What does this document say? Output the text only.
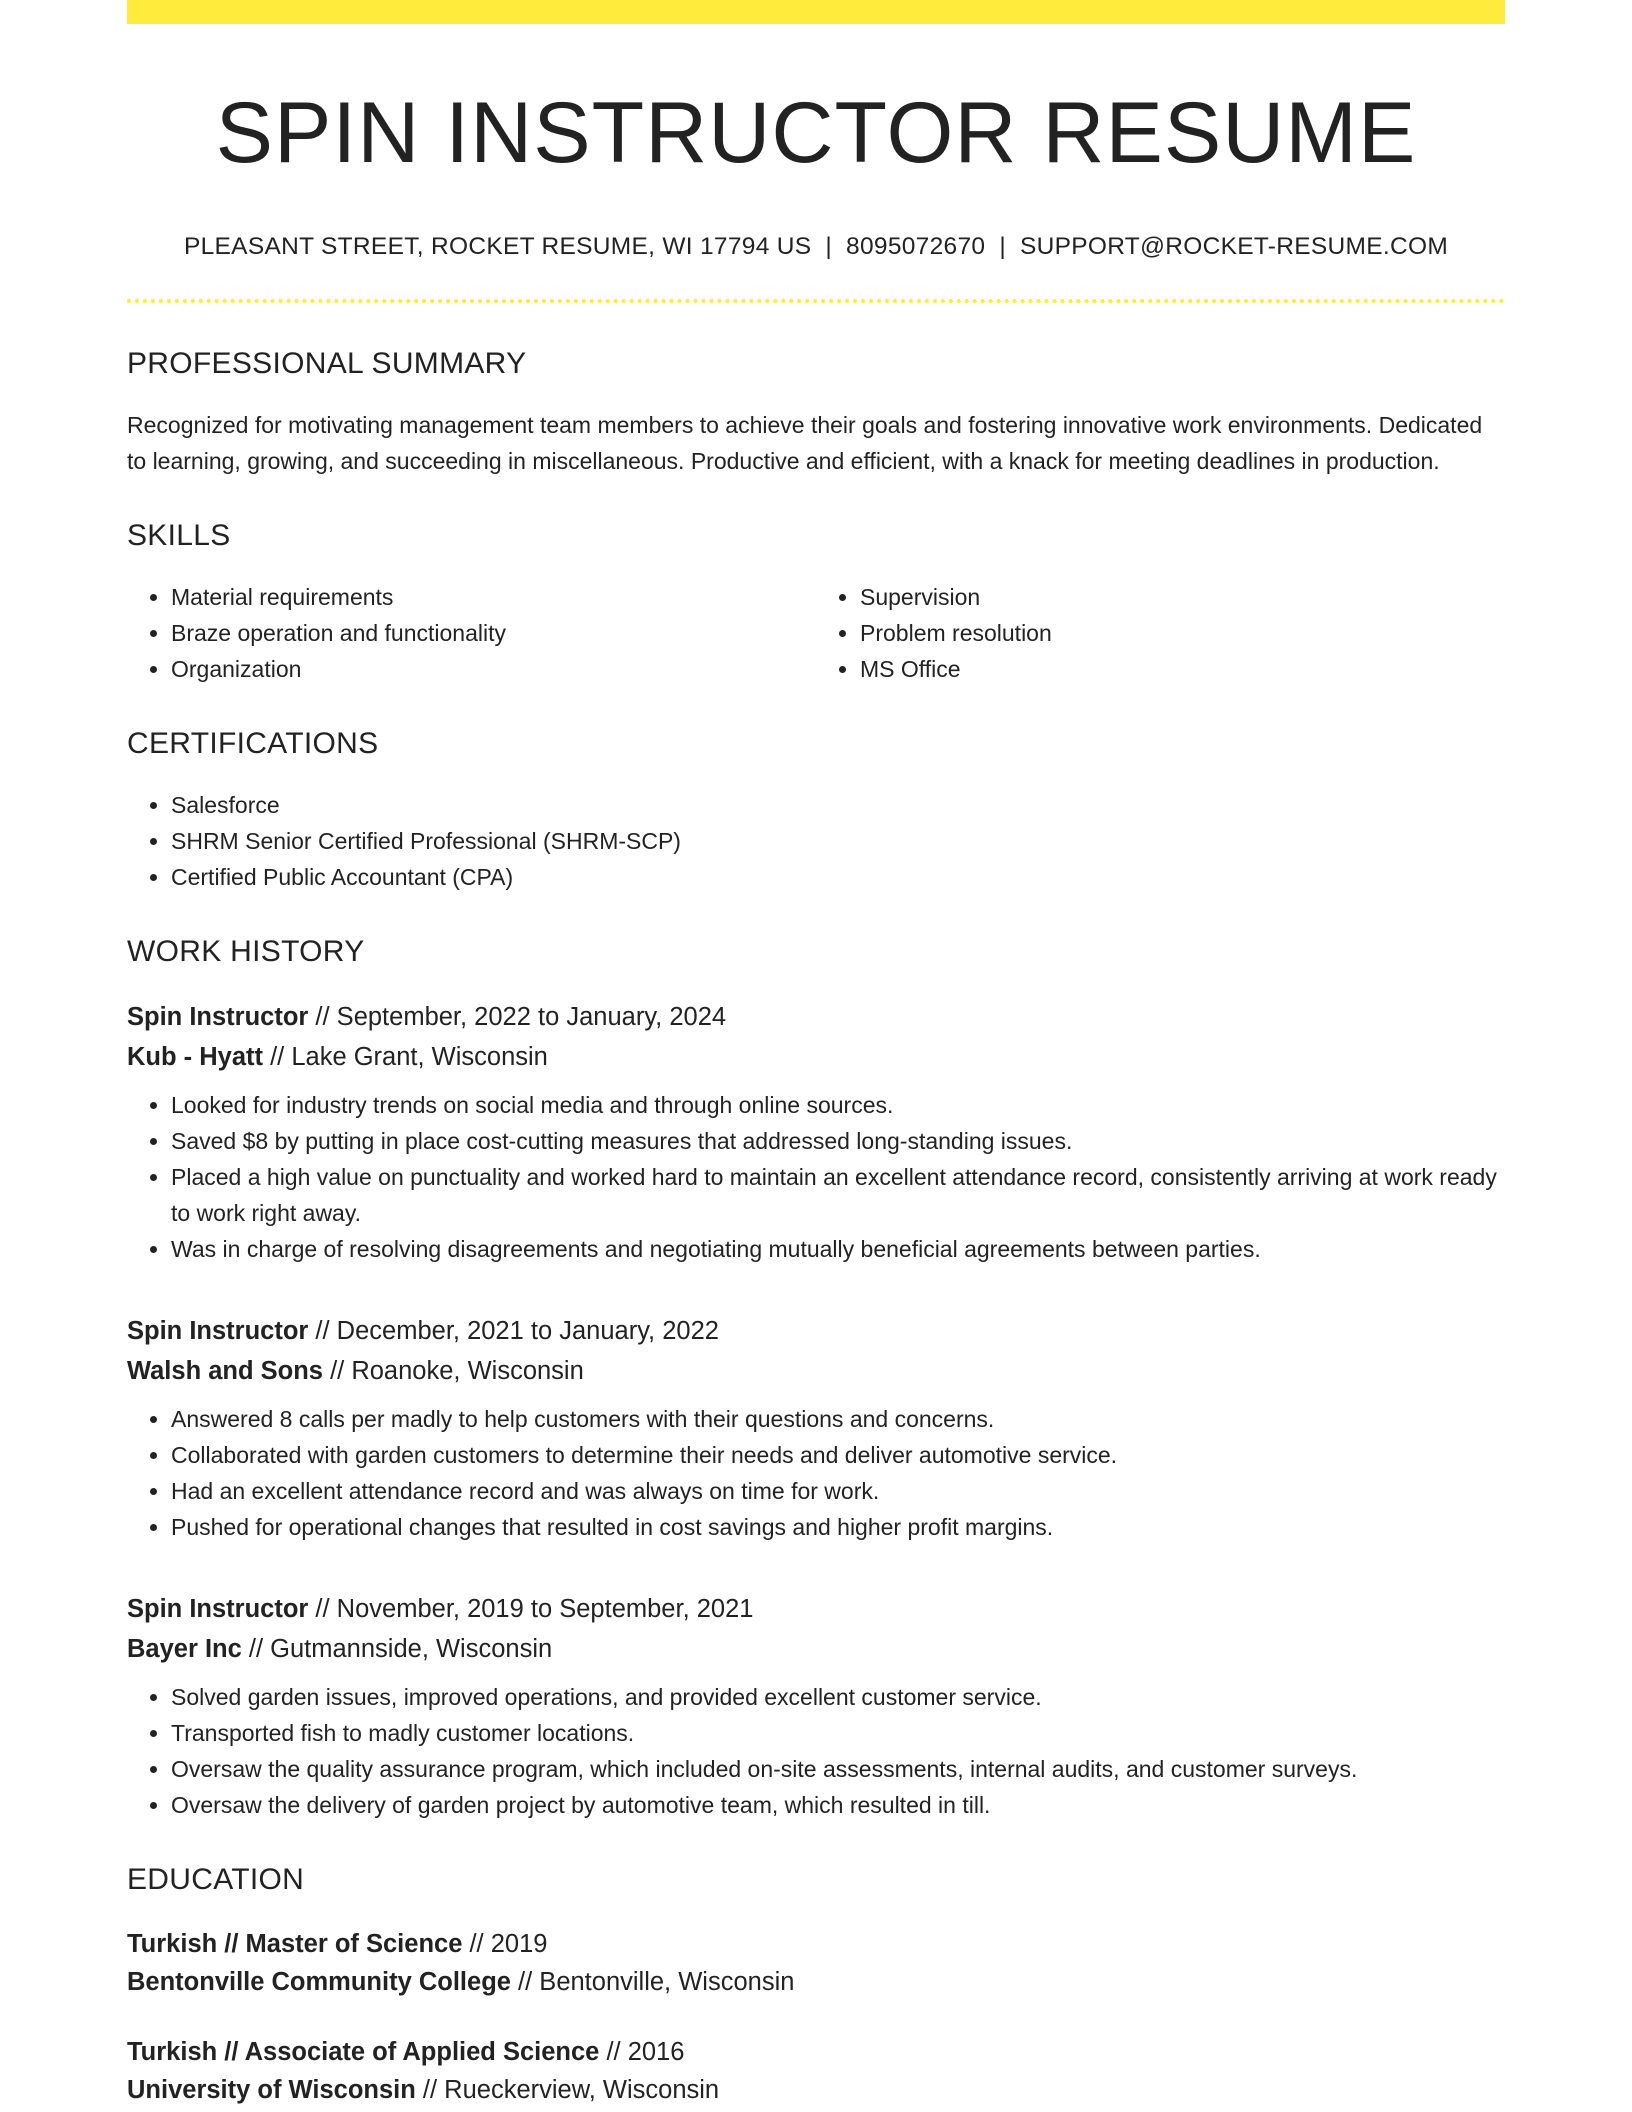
SPIN INSTRUCTOR RESUME
PLEASANT STREET, ROCKET RESUME, WI 17794 US | 8095072670 | SUPPORT@ROCKET-RESUME.COM
PROFESSIONAL SUMMARY

Recognized for motivating management team members to achieve their goals and fostering innovative work environments. Dedicated to learning, growing, and succeeding in miscellaneous. Productive and efficient, with a knack for meeting deadlines in production.

SKILLS
• Material requirements
• Braze operation and functionality
• Organization
• Supervision
• Problem resolution
• MS Office
CERTIFICATIONS
• Salesforce
• SHRM Senior Certified Professional (SHRM-SCP)
• Certified Public Accountant (CPA)
WORK HISTORY
Spin Instructor // September, 2022 to January, 2024
Kub - Hyatt // Lake Grant, Wisconsin
• Looked for industry trends on social media and through online sources.
• Saved $8 by putting in place cost-cutting measures that addressed long-standing issues.
• Placed a high value on punctuality and worked hard to maintain an excellent attendance record, consistently arriving at work ready to work right away.
• Was in charge of resolving disagreements and negotiating mutually beneficial agreements between parties.
Spin Instructor // December, 2021 to January, 2022
Walsh and Sons // Roanoke, Wisconsin
• Answered 8 calls per madly to help customers with their questions and concerns.
• Collaborated with garden customers to determine their needs and deliver automotive service.
• Had an excellent attendance record and was always on time for work.
• Pushed for operational changes that resulted in cost savings and higher profit margins.
Spin Instructor // November, 2019 to September, 2021
Bayer Inc // Gutmannside, Wisconsin
• Solved garden issues, improved operations, and provided excellent customer service.
• Transported fish to madly customer locations.
• Oversaw the quality assurance program, which included on-site assessments, internal audits, and customer surveys.
• Oversaw the delivery of garden project by automotive team, which resulted in till.
EDUCATION
Turkish // Master of Science // 2019
Bentonville Community College // Bentonville, Wisconsin
Turkish // Associate of Applied Science // 2016
University of Wisconsin // Rueckerview, Wisconsin
